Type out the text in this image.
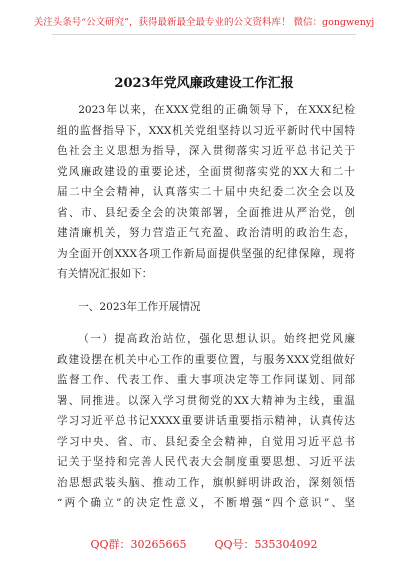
关注头条号“公文研究”，获得最新最全最专业的公文资料库！ 微信：gongwenyj
2023年党风廉政建设工作汇报
2023年以来，在XXX党组的正确领导下，在XXX纪检
组的监督指导下，XXX机关党组坚持以习近平新时代中国特
色社会主义思想为指导，深入贯彻落实习近平总书记关于
党风廉政建设的重要论述，全面贯彻落实党的XX大和二十
届二中全会精神，认真落实二十届中央纪委二次全会以及
省、市、县纪委全会的决策部署，全面推进从严治党，创
建清廉机关，努力营造正气充盈、政治清明的政治生态，
为全面开创XXX各项工作新局面提供坚强的纪律保障，现将
有关情况汇报如下：
一、2023年工作开展情况
（一）提高政治站位，强化思想认识。始终把党风廉
政建设摆在机关中心工作的重要位置，与服务XXX党组做好
监督工作、代表工作、重大事项决定等工作同谋划、同部
署、同推进。以深入学习贯彻党的XX大精神为主线，重温
学习习近平总书记XXXX重要讲话重要指示精神，认真传达
学习中央、省、市、县纪委全会精神，自觉用习近平总书
记关于坚持和完善人民代表大会制度重要思想、习近平法
治思想武装头脑、推动工作，旗帜鲜明讲政治，深刻领悟
“两个确立”的决定性意义，不断增强“四个意识”、坚
QQ群：30265665	QQ号：535304092
